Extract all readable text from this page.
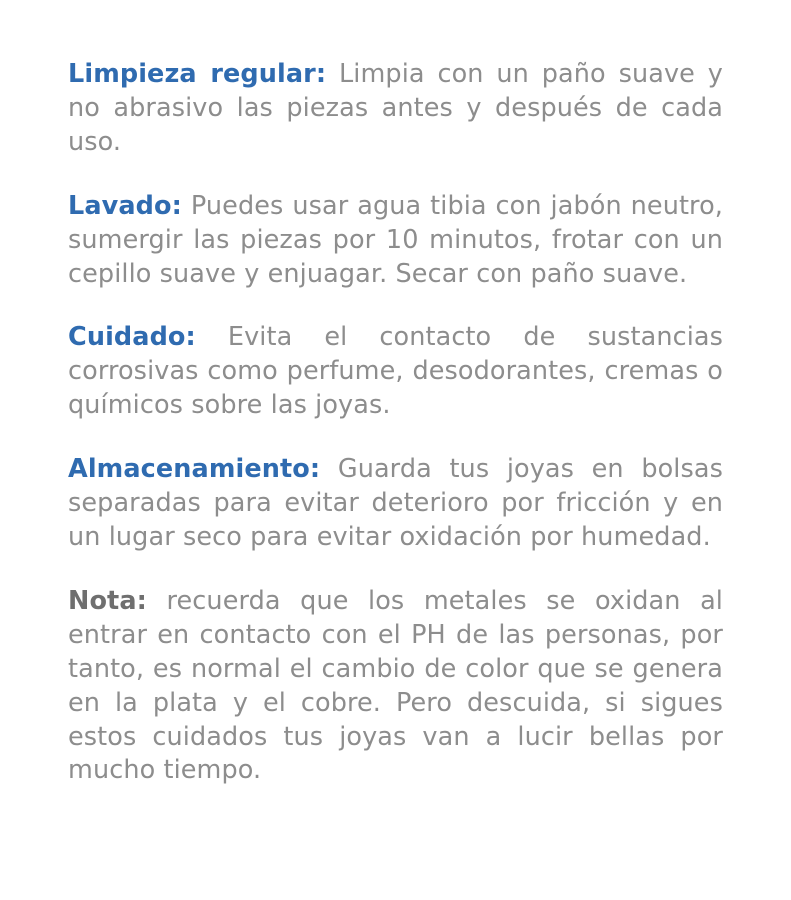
Limpieza regular: Limpia con un paño suave y no abrasivo las piezas antes y después de cada uso.

Lavado: Puedes usar agua tibia con jabón neutro, sumergir las piezas por 10 minutos, frotar con un cepillo suave y enjuagar. Secar con paño suave.

Cuidado: Evita el contacto de sustancias corrosivas como perfume, desodorantes, cremas o químicos sobre las joyas.

Almacenamiento: Guarda tus joyas en bolsas separadas para evitar deterioro por fricción y en un lugar seco para evitar oxidación por humedad.

Nota: recuerda que los metales se oxidan al entrar en contacto con el PH de las personas, por tanto, es normal el cambio de color que se genera en la plata y el cobre. Pero descuida, si sigues estos cuidados tus joyas van a lucir bellas por mucho tiempo.
